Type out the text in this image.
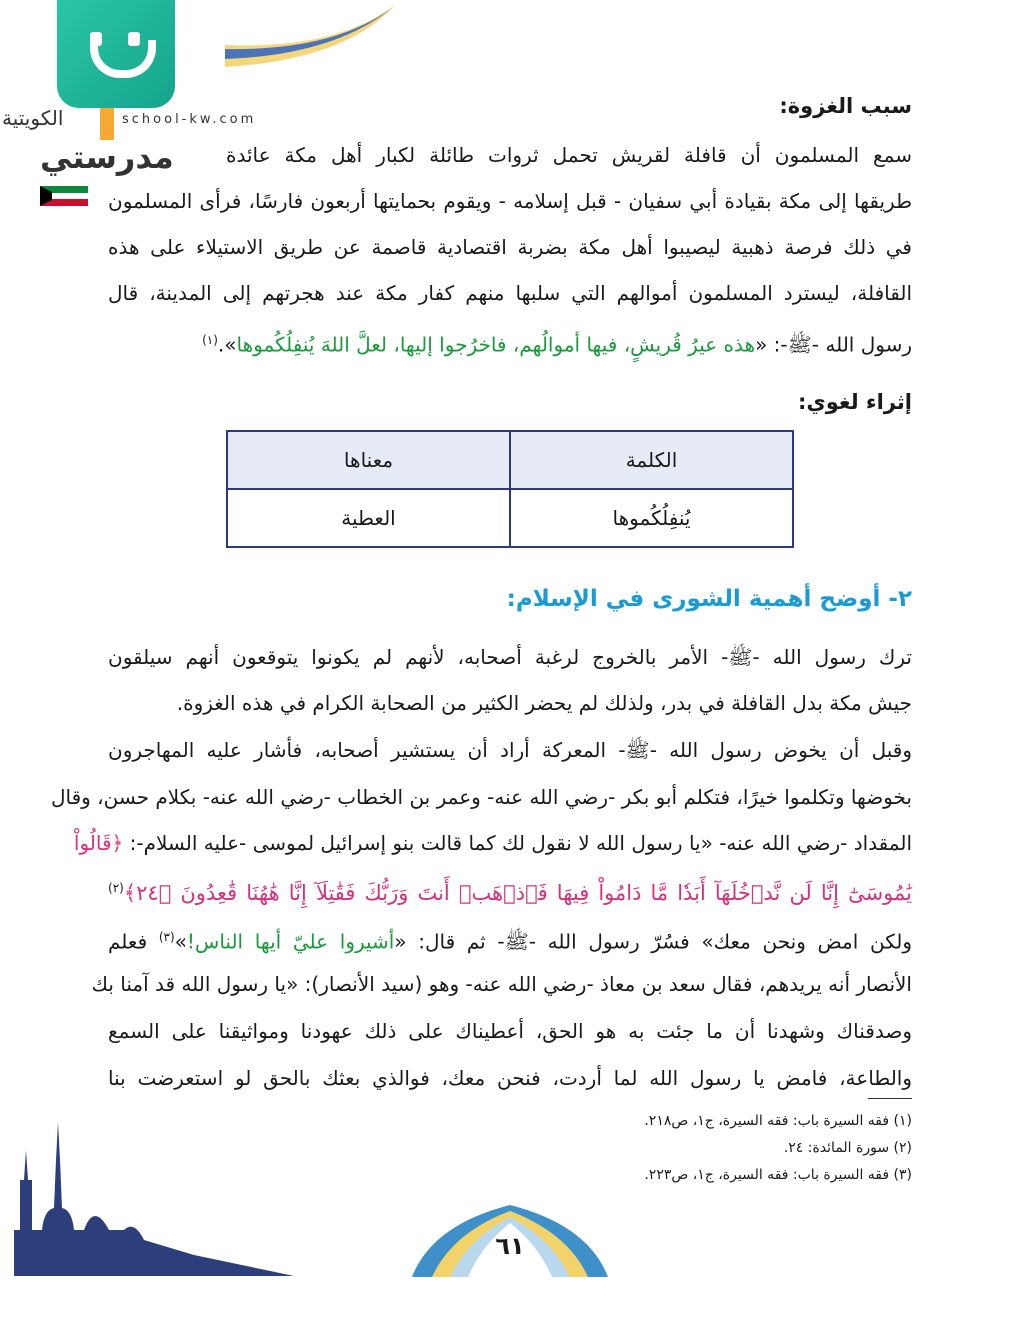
مدرستي
الكويتية	school-kw.com
سبب الغزوة:
سمع المسلمون أن قافلة لقريش تحمل ثروات طائلة لكبار أهل مكة عائدة
طريقها إلى مكة بقيادة أبي سفيان - قبل إسلامه - ويقوم بحمايتها أربعون فارسًا، فرأى المسلمون
في ذلك فرصة ذهبية ليصيبوا أهل مكة بضربة اقتصادية قاصمة عن طريق الاستيلاء على هذه
القافلة، ليسترد المسلمون أموالهم التي سلبها منهم كفار مكة عند هجرتهم إلى المدينة، قال
رسول الله -ﷺ-: «هذه عيرُ قُريشٍ، فيها أموالُهم، فاخرُجوا إليها، لعلَّ اللهَ يُنفِلُكُموها».$^{(١)}$
إثراء لغوي:
الكلمة	معناها
يُنفِلُكُموها	العطية
٢- أوضح أهمية الشورى في الإسلام:
ترك رسول الله -ﷺ- الأمر بالخروج لرغبة أصحابه، لأنهم لم يكونوا يتوقعون أنهم سيلقون
جيش مكة بدل القافلة في بدر، ولذلك لم يحضر الكثير من الصحابة الكرام في هذه الغزوة.
وقبل أن يخوض رسول الله -ﷺ- المعركة أراد أن يستشير أصحابه، فأشار عليه المهاجرون
بخوضها وتكلموا خيرًا، فتكلم أبو بكر -رضي الله عنه- وعمر بن الخطاب -رضي الله عنه- بكلام حسن، وقال
المقداد -رضي الله عنه- «يا رسول الله لا نقول لك كما قالت بنو إسرائيل لموسى -عليه السلام-: ﴿قَالُواْ
يَٰمُوسَىٰٓ إِنَّا لَن نَّدۡخُلَهَآ أَبَدٗا مَّا دَامُواْ فِيهَا فَٱذۡهَبۡ أَنتَ وَرَبُّكَ فَقَٰتِلَآ إِنَّا هَٰهُنَا قَٰعِدُونَ ﴿٢٤﴾$^{(٢)}$
ولكن امض ونحن معك» فسُرّ رسول الله -ﷺ- ثم قال: «أشيروا عليّ أيها الناس!»$^{(٣)}$ فعلم
الأنصار أنه يريدهم، فقال سعد بن معاذ -رضي الله عنه- وهو (سيد الأنصار): «يا رسول الله قد آمنا بك
وصدقناك وشهدنا أن ما جئت به هو الحق، أعطيناك على ذلك عهودنا ومواثيقنا على السمع
والطاعة، فامض يا رسول الله لما أردت، فنحن معك، فوالذي بعثك بالحق لو استعرضت بنا
(١) فقه السيرة باب: فقه السيرة، ج١، ص٢١٨.
(٢) سورة المائدة: ٢٤.
(٣) فقه السيرة باب: فقه السيرة، ج١، ص٢٢٣.
٦١
